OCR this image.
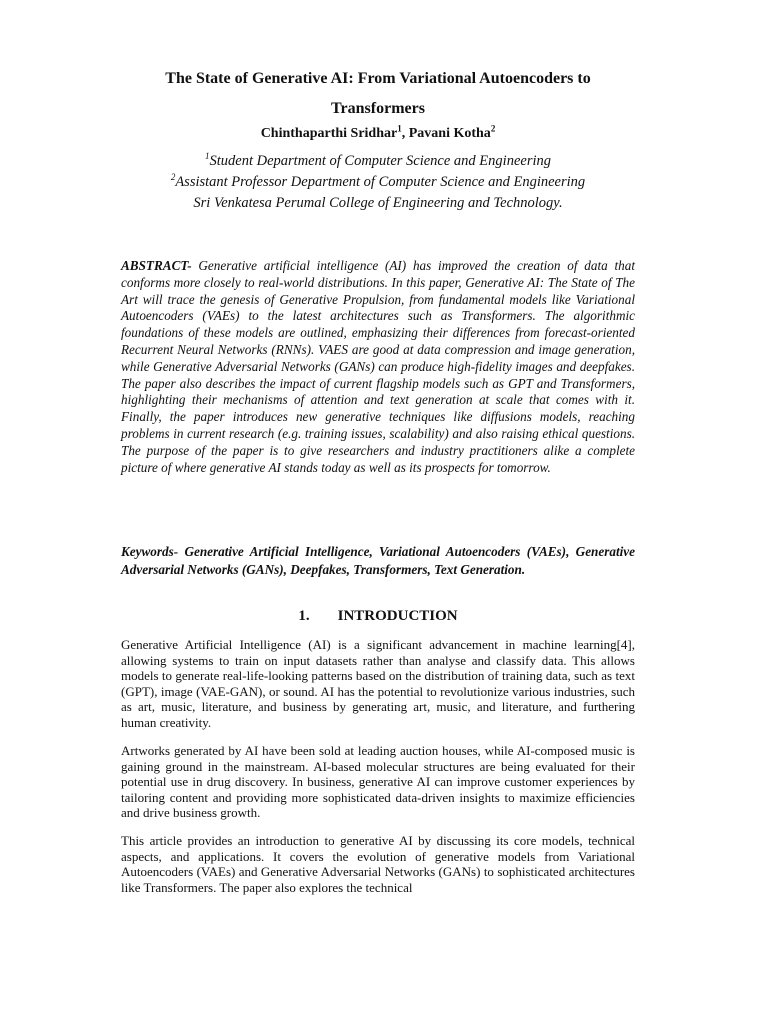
The State of Generative AI: From Variational Autoencoders to
Transformers
Chinthaparthi Sridhar$^1$, Pavani Kotha$^2$
$^1$Student Department of Computer Science and Engineering
$^2$Assistant Professor Department of Computer Science and Engineering
Sri Venkatesa Perumal College of Engineering and Technology.

ABSTRACT- Generative artificial intelligence (AI) has improved the creation of data that conforms more closely to real-world distributions. In this paper, Generative AI: The State of The Art will trace the genesis of Generative Propulsion, from fundamental models like Variational Autoencoders (VAEs) to the latest architectures such as Transformers. The algorithmic foundations of these models are outlined, emphasizing their differences from forecast-oriented Recurrent Neural Networks (RNNs). VAES are good at data compression and image generation, while Generative Adversarial Networks (GANs) can produce high-fidelity images and deepfakes. The paper also describes the impact of current flagship models such as GPT and Transformers, highlighting their mechanisms of attention and text generation at scale that comes with it. Finally, the paper introduces new generative techniques like diffusions models, reaching problems in current research (e.g. training issues, scalability) and also raising ethical questions. The purpose of the paper is to give researchers and industry practitioners alike a complete picture of where generative AI stands today as well as its prospects for tomorrow.

Keywords- Generative Artificial Intelligence, Variational Autoencoders (VAEs), Generative Adversarial Networks (GANs), Deepfakes, Transformers, Text Generation.

1. INTRODUCTION

Generative Artificial Intelligence (AI) is a significant advancement in machine learning[4], allowing systems to train on input datasets rather than analyse and classify data. This allows models to generate real-life-looking patterns based on the distribution of training data, such as text (GPT), image (VAE-GAN), or sound. AI has the potential to revolutionize various industries, such as art, music, literature, and business by generating art, music, and literature, and furthering human creativity.

Artworks generated by AI have been sold at leading auction houses, while AI-composed music is gaining ground in the mainstream. AI-based molecular structures are being evaluated for their potential use in drug discovery. In business, generative AI can improve customer experiences by tailoring content and providing more sophisticated data-driven insights to maximize efficiencies and drive business growth.

This article provides an introduction to generative AI by discussing its core models, technical aspects, and applications. It covers the evolution of generative models from Variational Autoencoders (VAEs) and Generative Adversarial Networks (GANs) to sophisticated architectures like Transformers. The paper also explores the technical
